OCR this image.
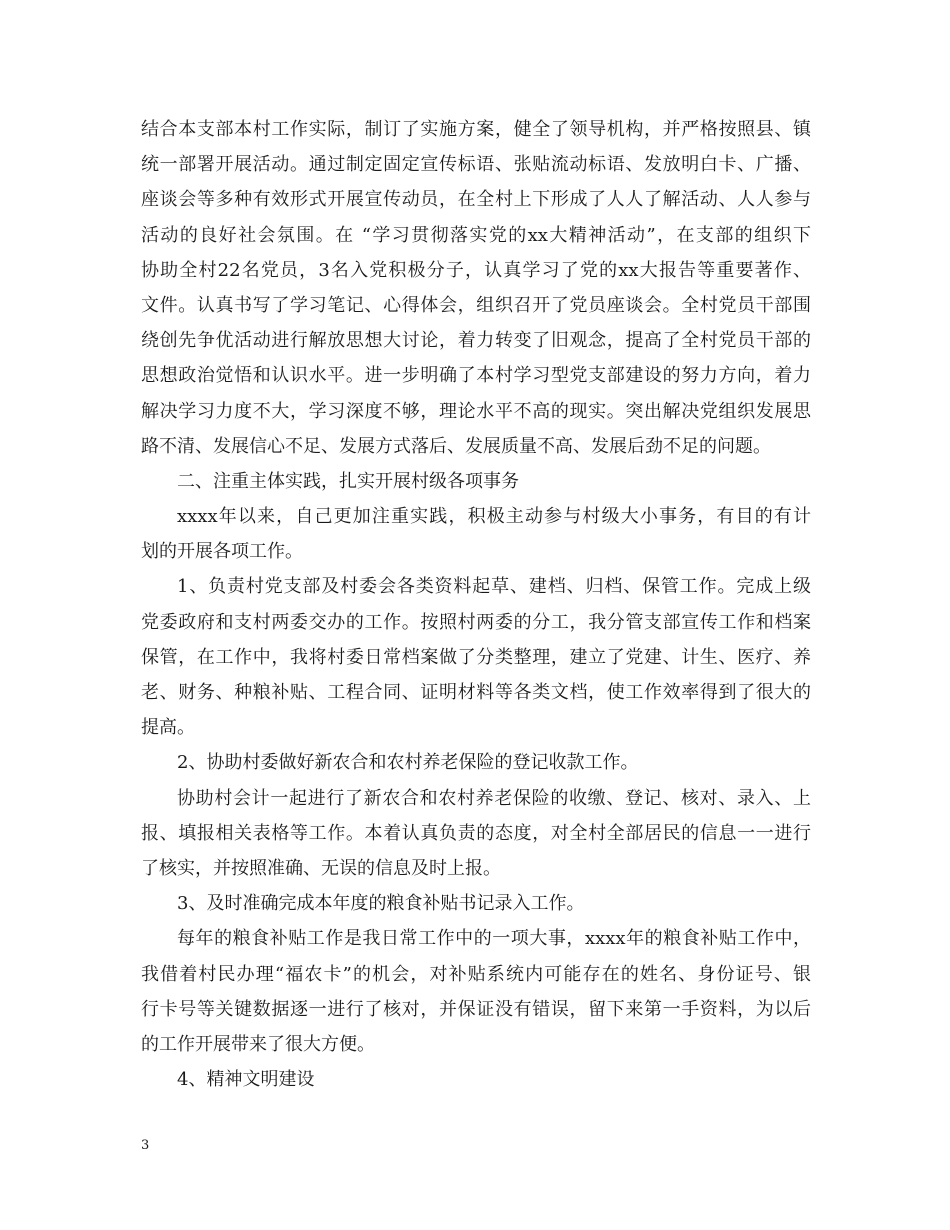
结合本支部本村工作实际，制订了实施方案，健全了领导机构，并严格按照县、镇
统一部署开展活动。通过制定固定宣传标语、张贴流动标语、发放明白卡、广播、
座谈会等多种有效形式开展宣传动员，在全村上下形成了人人了解活动、人人参与
活动的良好社会氛围。在 “学习贯彻落实党的xx大精神活动”，在支部的组织下
协助全村22名党员，3名入党积极分子，认真学习了党的xx大报告等重要著作、
文件。认真书写了学习笔记、心得体会，组织召开了党员座谈会。全村党员干部围
绕创先争优活动进行解放思想大讨论，着力转变了旧观念，提高了全村党员干部的
思想政治觉悟和认识水平。进一步明确了本村学习型党支部建设的努力方向，着力
解决学习力度不大，学习深度不够，理论水平不高的现实。突出解决党组织发展思
路不清、发展信心不足、发展方式落后、发展质量不高、发展后劲不足的问题。
二、注重主体实践，扎实开展村级各项事务
xxxx年以来，自己更加注重实践，积极主动参与村级大小事务，有目的有计
划的开展各项工作。
1、负责村党支部及村委会各类资料起草、建档、归档、保管工作。完成上级
党委政府和支村两委交办的工作。按照村两委的分工，我分管支部宣传工作和档案
保管，在工作中，我将村委日常档案做了分类整理，建立了党建、计生、医疗、养
老、财务、种粮补贴、工程合同、证明材料等各类文档，使工作效率得到了很大的
提高。
2、协助村委做好新农合和农村养老保险的登记收款工作。
协助村会计一起进行了新农合和农村养老保险的收缴、登记、核对、录入、上
报、填报相关表格等工作。本着认真负责的态度，对全村全部居民的信息一一进行
了核实，并按照准确、无误的信息及时上报。
3、及时准确完成本年度的粮食补贴书记录入工作。
每年的粮食补贴工作是我日常工作中的一项大事，xxxx年的粮食补贴工作中，
我借着村民办理“福农卡”的机会，对补贴系统内可能存在的姓名、身份证号、银
行卡号等关键数据逐一进行了核对，并保证没有错误，留下来第一手资料，为以后
的工作开展带来了很大方便。
4、精神文明建设
3
